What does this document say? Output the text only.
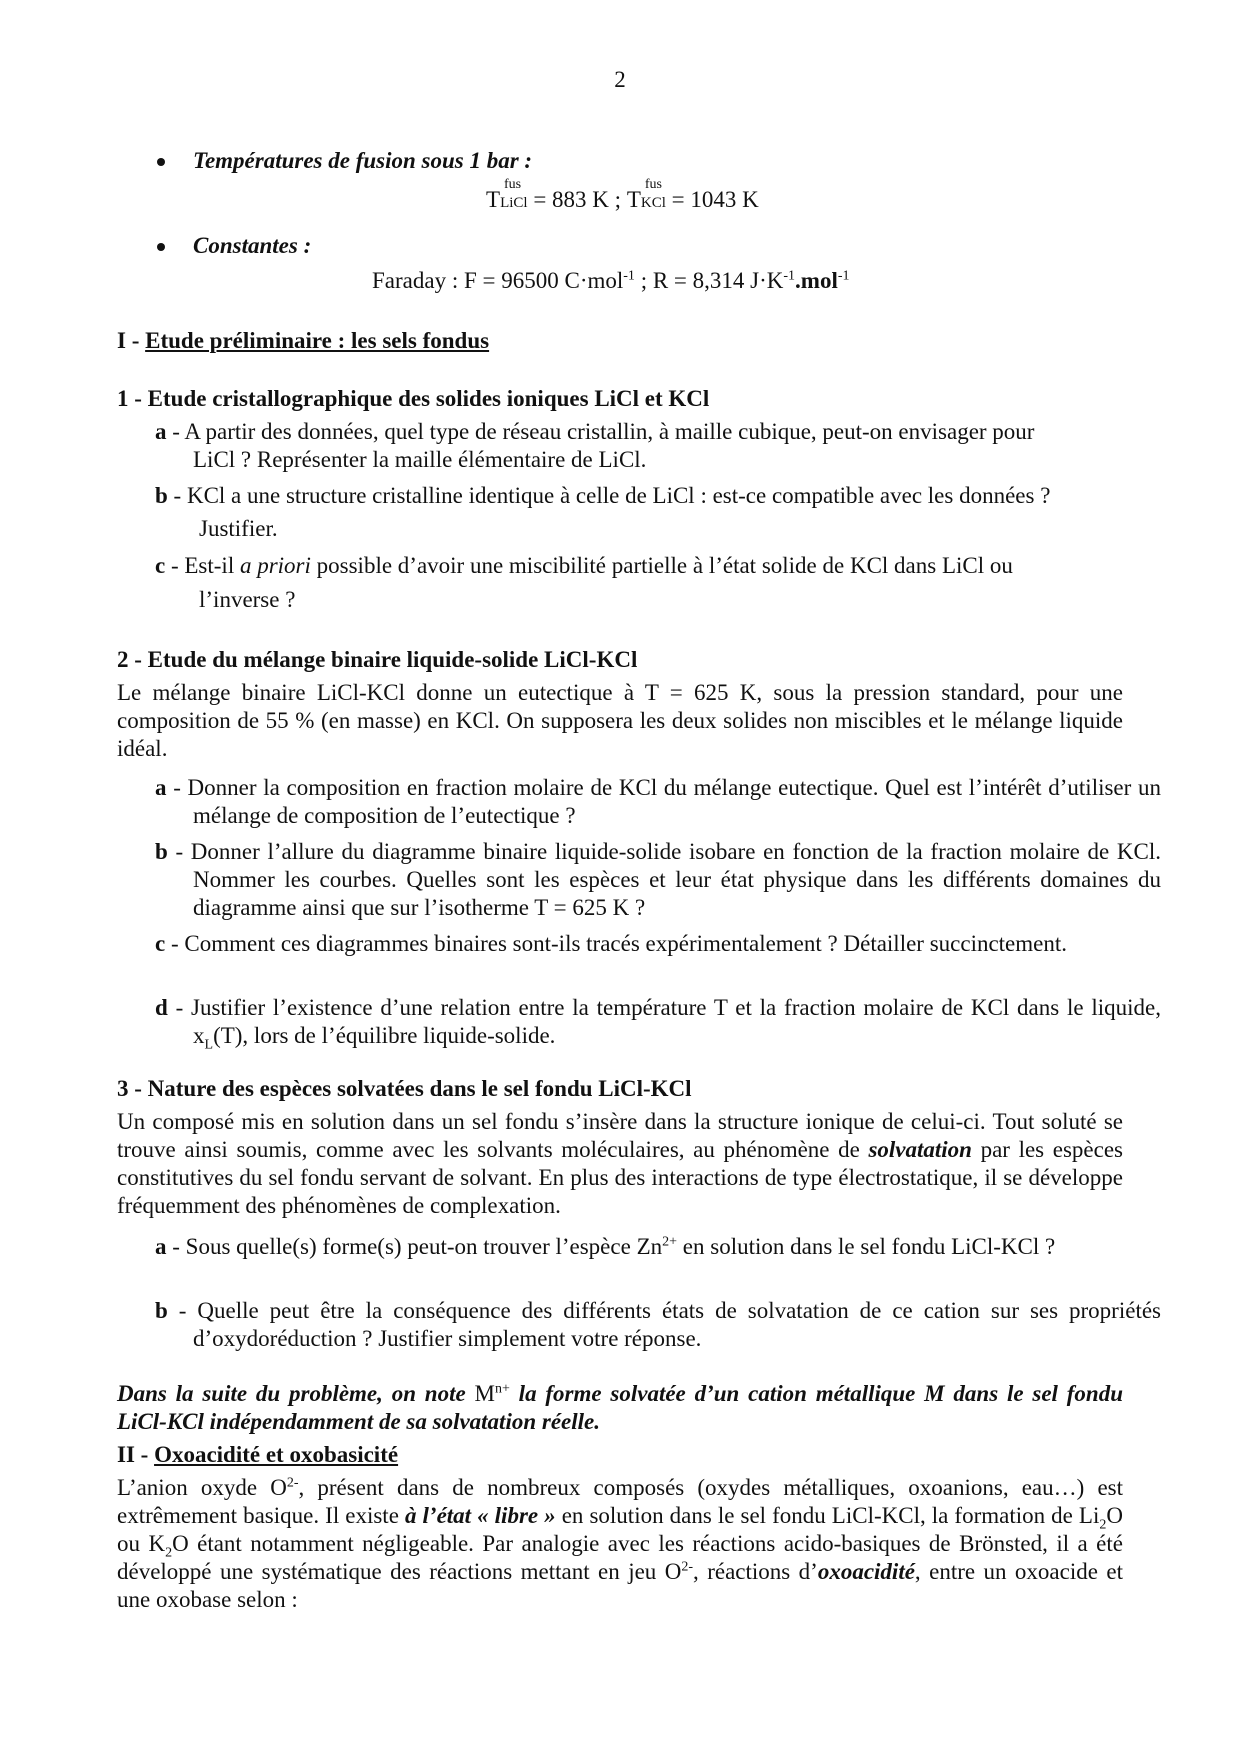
2
Températures de fusion sous 1 bar :
T
fus
LiCl = 883 K ; T
fus
KCl = 1043 K
Constantes :
Faraday : F = 96500 C·mol$^{-1}$ ; R = 8,314 $J\cdot K^{-1}.mol^{-1}$
I - Etude préliminaire : les sels fondus
1 - Etude cristallographique des solides ioniques LiCl et KCl
a - A partir des données, quel type de réseau cristallin, à maille cubique, peut-on envisager pour
LiCl ? Représenter la maille élémentaire de LiCl.
b - KCl a une structure cristalline identique à celle de LiCl : est-ce compatible avec les données ?
Justifier.
c - Est-il a priori possible d’avoir une miscibilité partielle à l’état solide de KCl dans LiCl ou
l’inverse ?
2 - Etude du mélange binaire liquide-solide LiCl-KCl
Le mélange binaire LiCl-KCl donne un eutectique à T = 625 K, sous la pression standard, pour une composition de 55 % (en masse) en KCl. On supposera les deux solides non miscibles et le mélange liquide idéal.
a - Donner la composition en fraction molaire de KCl du mélange eutectique. Quel est l’intérêt d’utiliser un mélange de composition de l’eutectique ?
b - Donner l’allure du diagramme binaire liquide-solide isobare en fonction de la fraction molaire de KCl. Nommer les courbes. Quelles sont les espèces et leur état physique dans les différents domaines du diagramme ainsi que sur l’isotherme T = 625 K ?
c - Comment ces diagrammes binaires sont-ils tracés expérimentalement ? Détailler succinctement.
d - Justifier l’existence d’une relation entre la température T et la fraction molaire de KCl dans le liquide, $x_L(T)$, lors de l’équilibre liquide-solide.
3 - Nature des espèces solvatées dans le sel fondu LiCl-KCl
Un composé mis en solution dans un sel fondu s’insère dans la structure ionique de celui-ci. Tout soluté se trouve ainsi soumis, comme avec les solvants moléculaires, au phénomène de solvatation par les espèces constitutives du sel fondu servant de solvant. En plus des interactions de type électrostatique, il se développe fréquemment des phénomènes de complexation.
a - Sous quelle(s) forme(s) peut-on trouver l’espèce $Zn^{2+}$ en solution dans le sel fondu LiCl-KCl ?
b - Quelle peut être la conséquence des différents états de solvatation de ce cation sur ses propriétés d’oxydoréduction ? Justifier simplement votre réponse.
Dans la suite du problème, on note $M^{n+}$ la forme solvatée d’un cation métallique M dans le sel fondu LiCl-KCl indépendamment de sa solvatation réelle.
II - Oxoacidité et oxobasicité
L’anion oxyde $O^{2-}$, présent dans de nombreux composés (oxydes métalliques, oxoanions, eau…) est extrêmement basique. Il existe à l’état « libre » en solution dans le sel fondu LiCl-KCl, la formation de $Li_2O$ ou $K_2O$ étant notamment négligeable. Par analogie avec les réactions acido-basiques de Brönsted, il a été développé une systématique des réactions mettant en jeu $O^{2-}$, réactions d’oxoacidité, entre un oxoacide et une oxobase selon :
